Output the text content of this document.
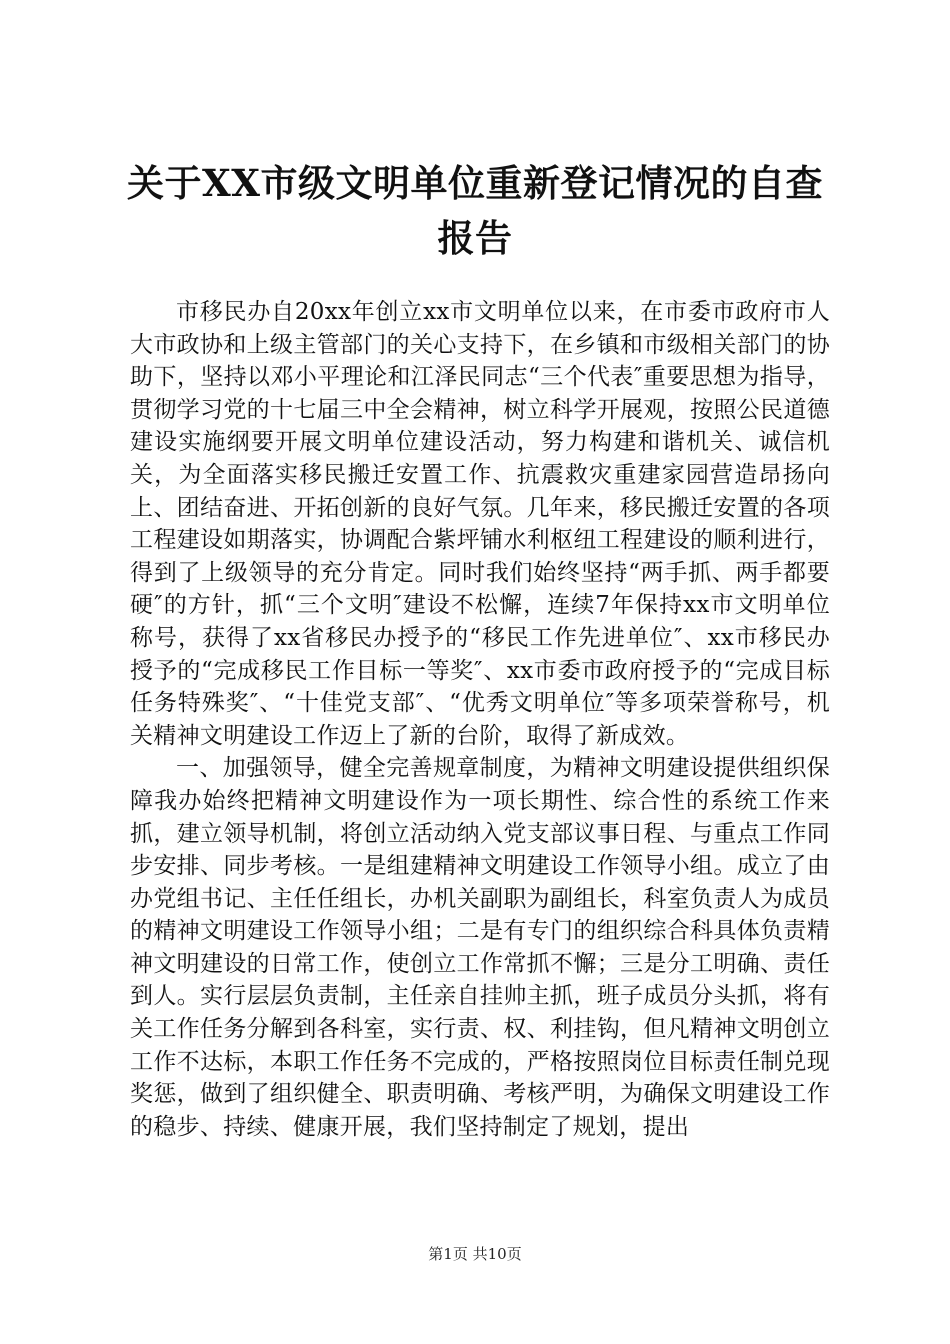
关于XX市级文明单位重新登记情况的自查报告

市移民办自20xx年创立xx市文明单位以来，在市委市政府市人大市政协和上级主管部门的关心支持下，在乡镇和市级相关部门的协助下，坚持以邓小平理论和江泽民同志“三个代表″重要思想为指导，贯彻学习党的十七届三中全会精神，树立科学开展观，按照公民道德建设实施纲要开展文明单位建设活动，努力构建和谐机关、诚信机关，为全面落实移民搬迁安置工作、抗震救灾重建家园营造昂扬向上、团结奋进、开拓创新的良好气氛。几年来，移民搬迁安置的各项工程建设如期落实，协调配合紫坪铺水利枢纽工程建设的顺利进行，得到了上级领导的充分肯定。同时我们始终坚持“两手抓、两手都要硬″的方针，抓“三个文明″建设不松懈，连续7年保持xx市文明单位称号，获得了xx省移民办授予的“移民工作先进单位″、xx市移民办授予的“完成移民工作目标一等奖″、xx市委市政府授予的“完成目标任务特殊奖″、“十佳党支部″、“优秀文明单位″等多项荣誉称号，机关精神文明建设工作迈上了新的台阶，取得了新成效。

一、加强领导，健全完善规章制度，为精神文明建设提供组织保障我办始终把精神文明建设作为一项长期性、综合性的系统工作来抓，建立领导机制，将创立活动纳入党支部议事日程、与重点工作同步安排、同步考核。一是组建精神文明建设工作领导小组。成立了由办党组书记、主任任组长，办机关副职为副组长，科室负责人为成员的精神文明建设工作领导小组；二是有专门的组织综合科具体负责精神文明建设的日常工作，使创立工作常抓不懈；三是分工明确、责任到人。实行层层负责制，主任亲自挂帅主抓，班子成员分头抓，将有关工作任务分解到各科室，实行责、权、利挂钩，但凡精神文明创立工作不达标，本职工作任务不完成的，严格按照岗位目标责任制兑现奖惩，做到了组织健全、职责明确、考核严明，为确保文明建设工作的稳步、持续、健康开展，我们坚持制定了规划，提出

第1页 共10页
